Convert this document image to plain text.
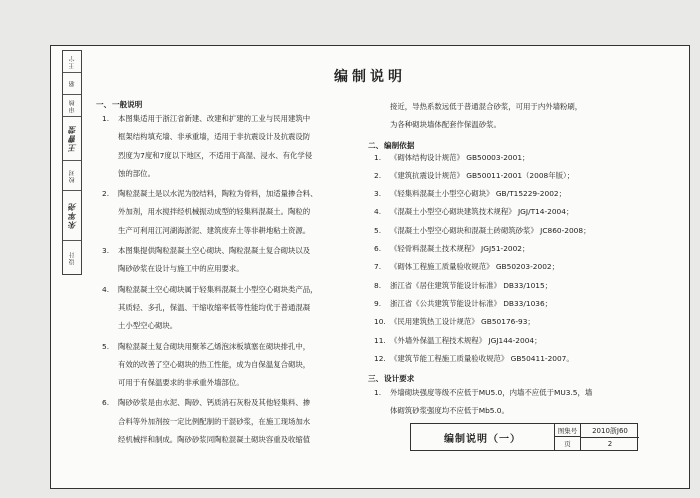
王宁
骆
审核
王曹莹
校对
朱军尧
设计
编制说明
一、 一般说明
1.	本图集适用于浙江省新建、改建和扩建的工业与民用建筑中
框架结构填充墙、非承重墙，适用于非抗震设计及抗震设防
烈度为7度和7度以下地区，不适用于高湿、浸水、有化学侵
蚀的部位。
2.	陶粒混凝土是以水泥为胶结料，陶粒为骨料，加适量掺合料、
外加剂，用水搅拌经机械振动成型的轻集料混凝土。陶粒的
生产可利用江河湖海淤泥、建筑废弃土等非耕地粘土资源。
3.	本图集提供陶粒混凝土空心砌块、陶粒混凝土复合砌块以及
陶砂砂浆在设计与施工中的应用要求。
4.	陶粒混凝土空心砌块属于轻集料混凝土小型空心砌块类产品，
其质轻、多孔，保温、干缩收缩率低等性能均优于普通混凝
土小型空心砌块。
5.	陶粒混凝土复合砌块用聚苯乙烯泡沫板填塞在砌块排孔中，
有效的改善了空心砌块的热工性能，成为自保温复合砌块，
可用于有保温要求的非承重外墙部位。
6.	陶砂砂浆是由水泥、陶砂、钙质消石灰粉及其他轻集料、掺
合料等外加剂按一定比例配制的干混砂浆，在施工现场加水
经机械拌和制成。陶砂砂浆同陶粒混凝土砌块容重及收缩值
接近，导热系数远低于普通混合砂浆，可用于内外墙粉刷，
为各种砌块墙体配套作保温砂浆。
二、 编制依据
1.	《砌体结构设计规范》 GB50003-2001；
2.	《建筑抗震设计规范》 GB50011-2001（2008年版）；
3.	《轻集料混凝土小型空心砌块》 GB/T15229-2002；
4.	《混凝土小型空心砌块建筑技术规程》 JGJ/T14-2004；
5.	《混凝土小型空心砌块和混凝土砖砌筑砂浆》 JC860-2008；
6.	《轻骨料混凝土技术规程》 JGJ51-2002；
7.	《砌体工程施工质量验收规范》 GB50203-2002；
8.	浙江省《居住建筑节能设计标准》 DB33/1015；
9.	浙江省《公共建筑节能设计标准》 DB33/1036；
10. 《民用建筑热工设计规范》 GB50176-93；
11. 《外墙外保温工程技术规程》 JGJ144-2004；
12. 《建筑节能工程施工质量验收规范》 GB50411-2007。
三、 设计要求
1.	外墙砌块强度等级不应低于MU5.0，内墙不应低于MU3.5，墙
体砌筑砂浆强度均不应低于Mb5.0。
编制说明（一）
图集号	2010浙J60
页	2
